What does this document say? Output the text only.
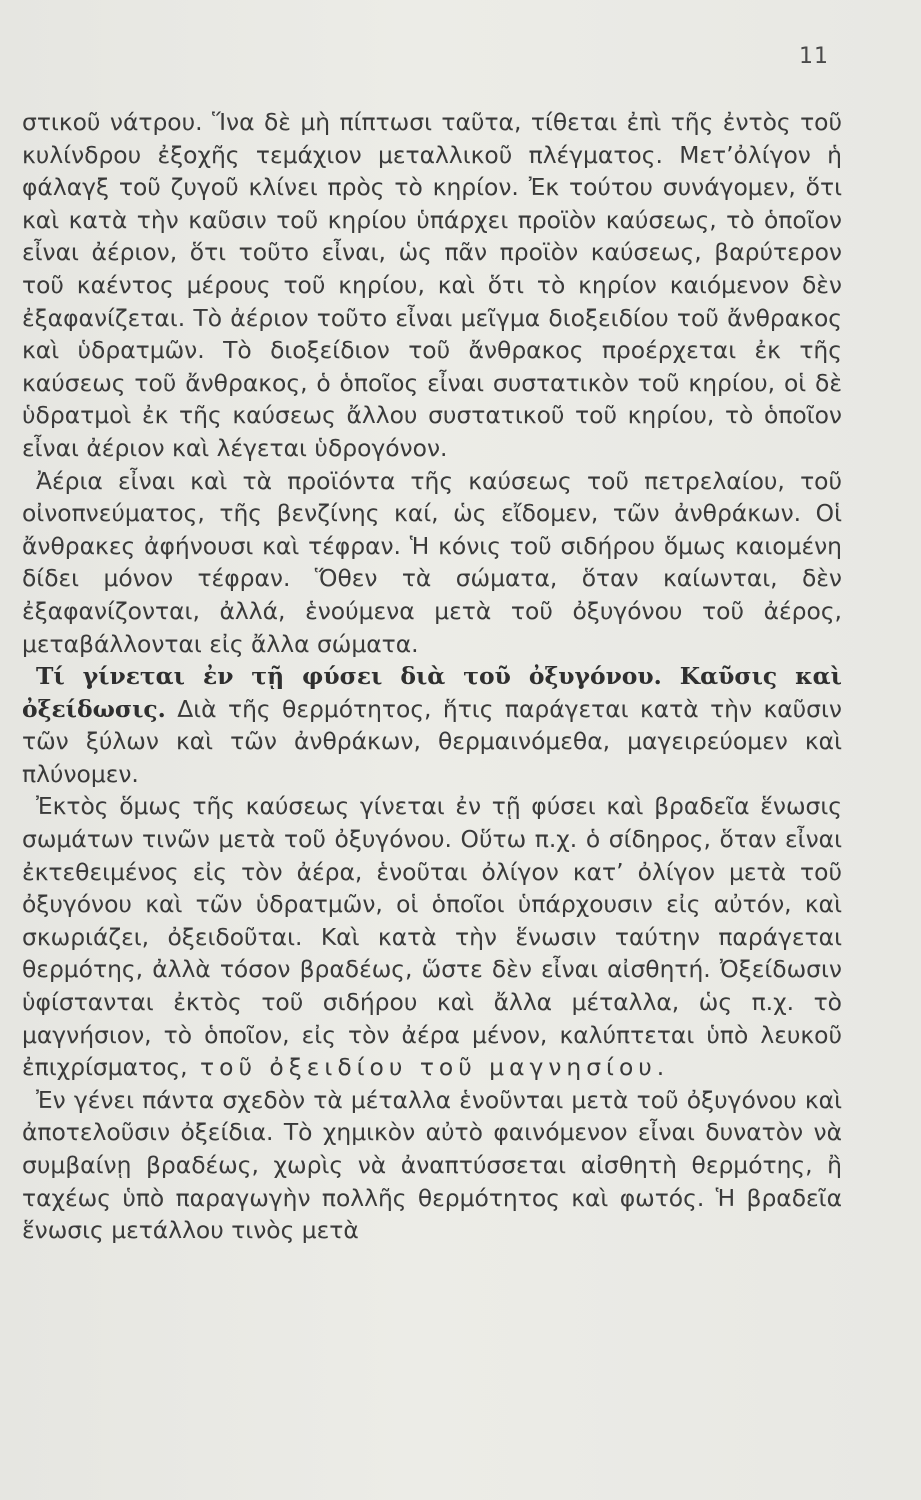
11

στικοῦ νάτρου. Ἵνα δὲ μὴ πίπτωσι ταῦτα, τίθεται ἐπὶ τῆς ἐντὸς τοῦ κυλίνδρου ἐξοχῆς τεμάχιον μεταλλικοῦ πλέγματος. Μετ’ὀλίγον ἡ φάλαγξ τοῦ ζυγοῦ κλίνει πρὸς τὸ κηρίον. Ἐκ τούτου συνάγομεν, ὅτι καὶ κατὰ τὴν καῦσιν τοῦ κηρίου ὑπάρχει προϊὸν καύσεως, τὸ ὁποῖον εἶναι ἀέριον, ὅτι τοῦτο εἶναι, ὡς πᾶν προϊὸν καύσεως, βαρύτερον τοῦ καέντος μέρους τοῦ κηρίου, καὶ ὅτι τὸ κηρίον καιόμενον δὲν ἐξαφανίζεται. Τὸ ἀέριον τοῦτο εἶναι μεῖγμα διοξειδίου τοῦ ἄνθρακος καὶ ὑδρατμῶν. Τὸ διοξείδιον τοῦ ἄνθρακος προέρχεται ἐκ τῆς καύσεως τοῦ ἄνθρακος, ὁ ὁποῖος εἶναι συστατικὸν τοῦ κηρίου, οἱ δὲ ὑδρατμοὶ ἐκ τῆς καύσεως ἄλλου συστατικοῦ τοῦ κηρίου, τὸ ὁποῖον εἶναι ἀέριον καὶ λέγεται ὑδρογόνον.

Ἀέρια εἶναι καὶ τὰ προϊόντα τῆς καύσεως τοῦ πετρελαίου, τοῦ οἰνοπνεύματος, τῆς βενζίνης καί, ὡς εἴδομεν, τῶν ἀνθράκων. Οἱ ἄνθρακες ἀφήνουσι καὶ τέφραν. Ἡ κόνις τοῦ σιδήρου ὅμως καιομένη δίδει μόνον τέφραν. Ὅθεν τὰ σώματα, ὅταν καίωνται, δὲν ἐξαφανίζονται, ἀλλά, ἑνούμενα μετὰ τοῦ ὀξυγόνου τοῦ ἀέρος, μεταβάλλονται εἰς ἄλλα σώματα.

Τί γίνεται ἐν τῇ φύσει διὰ τοῦ ὀξυγόνου. Καῦσις καὶ ὀξείδωσις. Διὰ τῆς θερμότητος, ἥτις παράγεται κατὰ τὴν καῦσιν τῶν ξύλων καὶ τῶν ἀνθράκων, θερμαινόμεθα, μαγειρεύομεν καὶ πλύνομεν.

Ἐκτὸς ὅμως τῆς καύσεως γίνεται ἐν τῇ φύσει καὶ βραδεῖα ἕνωσις σωμάτων τινῶν μετὰ τοῦ ὀξυγόνου. Οὕτω π.χ. ὁ σίδηρος, ὅταν εἶναι ἐκτεθειμένος εἰς τὸν ἀέρα, ἑνοῦται ὀλίγον κατ’ ὀλίγον μετὰ τοῦ ὀξυγόνου καὶ τῶν ὑδρατμῶν, οἱ ὁποῖοι ὑπάρχουσιν εἰς αὐτόν, καὶ σκωριάζει, ὀξειδοῦται. Καὶ κατὰ τὴν ἕνωσιν ταύτην παράγεται θερμότης, ἀλλὰ τόσον βραδέως, ὥστε δὲν εἶναι αἰσθητή. Ὀξείδωσιν ὑφίστανται ἐκτὸς τοῦ σιδήρου καὶ ἄλλα μέταλλα, ὡς π.χ. τὸ μαγνήσιον, τὸ ὁποῖον, εἰς τὸν ἀέρα μένον, καλύπτεται ὑπὸ λευκοῦ ἐπιχρίσματος, τοῦ ὀξειδίου τοῦ μαγνησίου.

Ἐν γένει πάντα σχεδὸν τὰ μέταλλα ἑνοῦνται μετὰ τοῦ ὀξυγόνου καὶ ἀποτελοῦσιν ὀξείδια. Τὸ χημικὸν αὐτὸ φαινόμενον εἶναι δυνατὸν νὰ συμβαίνῃ βραδέως, χωρὶς νὰ ἀναπτύσσεται αἰσθητὴ θερμότης, ἢ ταχέως ὑπὸ παραγωγὴν πολλῆς θερμότητος καὶ φωτός. Ἡ βραδεῖα ἕνωσις μετάλλου τινὸς μετὰ
